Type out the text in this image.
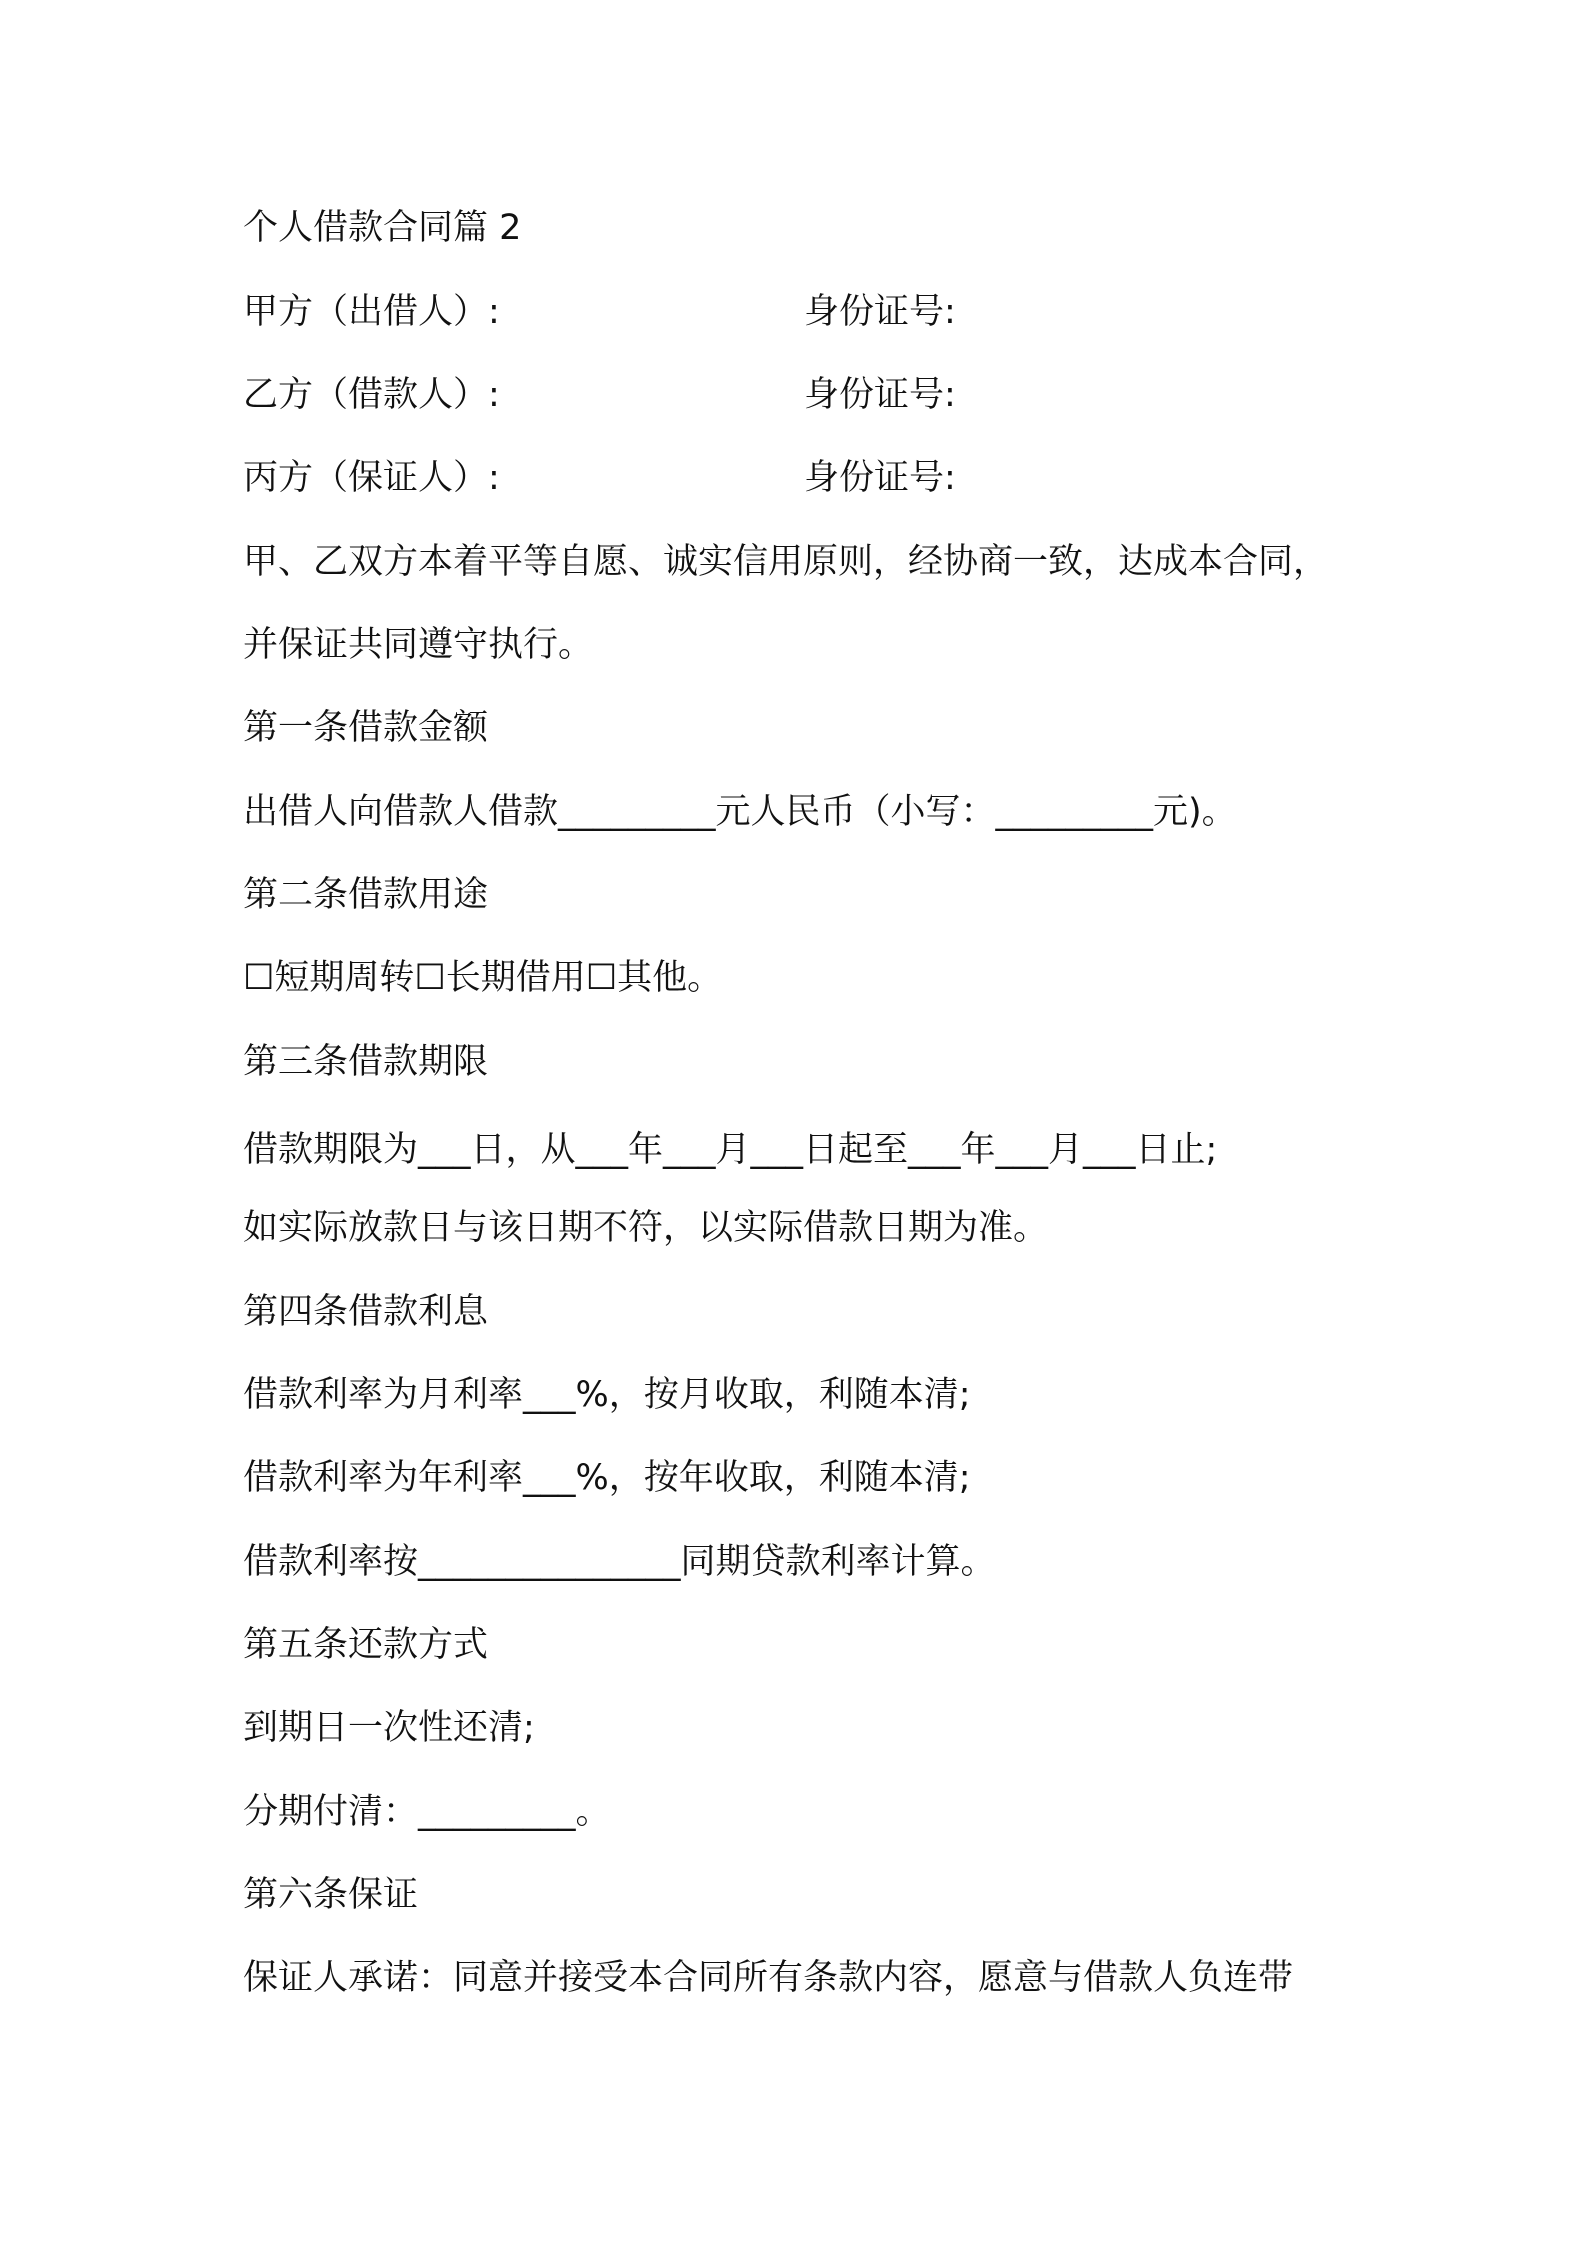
个人借款合同篇 2
甲方（出借人）:	身份证号:
乙方（借款人）:	身份证号:
丙方（保证人）:	身份证号:
甲、乙双方本着平等自愿、诚实信用原则，经协商一致，达成本合同，
并保证共同遵守执行。
第一条借款金额
出借人向借款人借款_________元人民币（小写：_________元)。
第二条借款用途
☐短期周转☐长期借用☐其他。
第三条借款期限
借款期限为___日，从___年___月___日起至___年___月___日止;
如实际放款日与该日期不符，以实际借款日期为准。
第四条借款利息
借款利率为月利率___%，按月收取，利随本清;
借款利率为年利率___%，按年收取，利随本清;
借款利率按_______________同期贷款利率计算。
第五条还款方式
到期日一次性还清;
分期付清：_________。
第六条保证
保证人承诺：同意并接受本合同所有条款内容，愿意与借款人负连带
